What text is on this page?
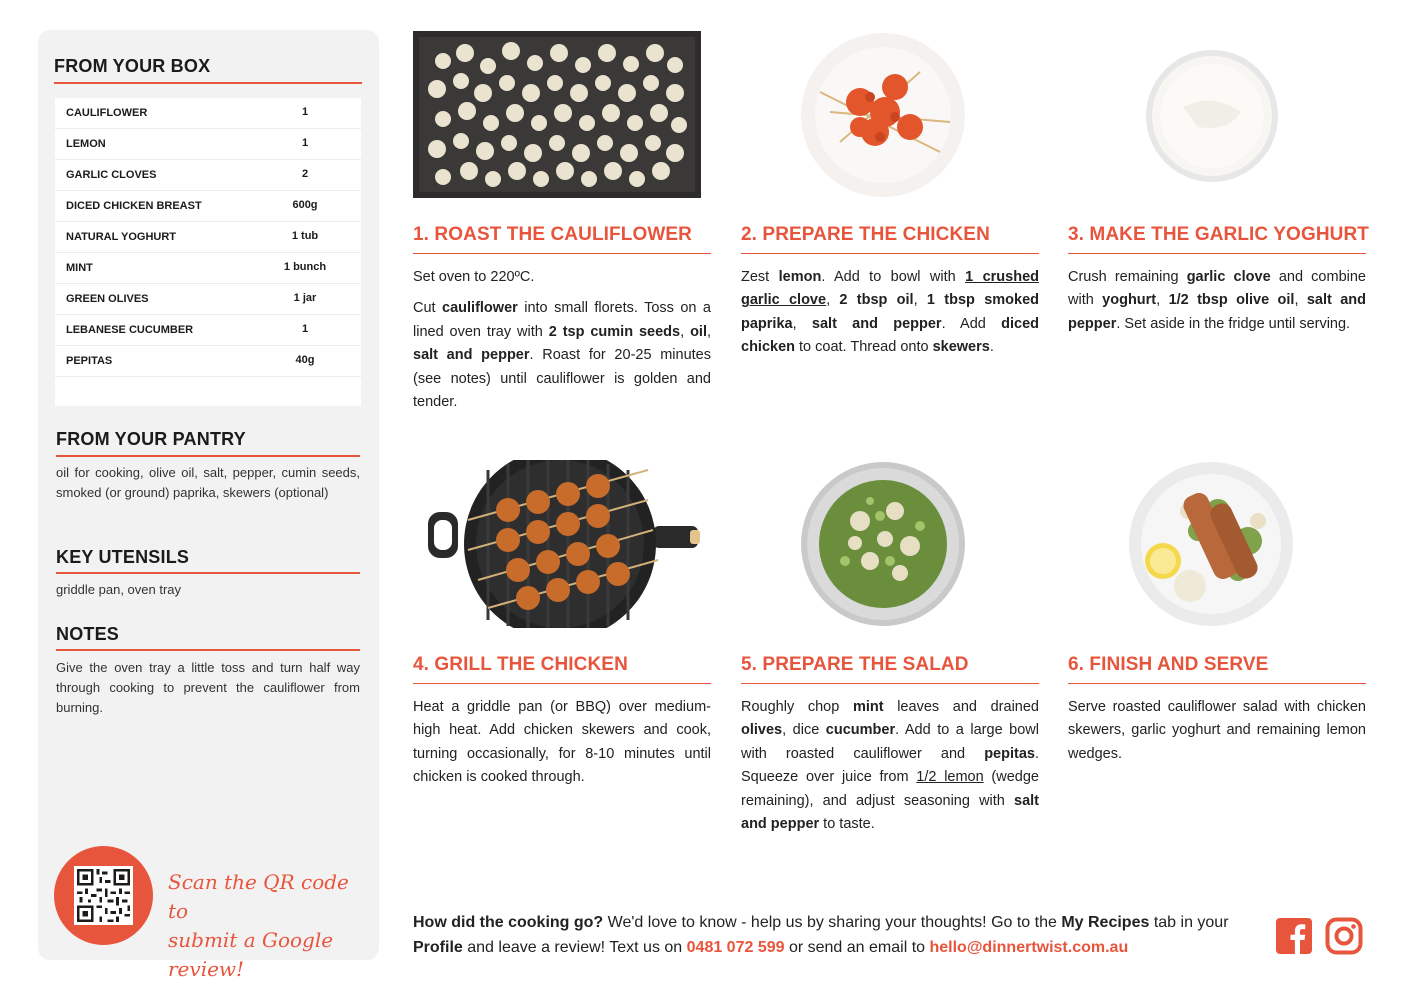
FROM YOUR BOX
CAULIFLOWER	1
LEMON	1
GARLIC CLOVES	2
DICED CHICKEN BREAST	600g
NATURAL YOGHURT	1 tub
MINT	1 bunch
GREEN OLIVES	1 jar
LEBANESE CUCUMBER	1
PEPITAS	40g
FROM YOUR PANTRY
oil for cooking, olive oil, salt, pepper, cumin seeds, smoked (or ground) paprika, skewers (optional)
KEY UTENSILS
griddle pan, oven tray
NOTES
Give the oven tray a little toss and turn half way through cooking to prevent the cauliflower from burning.
Scan the QR code to
submit a Google review!
1. ROAST THE CAULIFLOWER

Set oven to 220ºC.

Cut cauliflower into small florets. Toss on a lined oven tray with 2 tsp cumin seeds, oil, salt and pepper. Roast for 20-25 minutes (see notes) until cauliflower is golden and tender.

2. PREPARE THE CHICKEN

Zest lemon. Add to bowl with 1 crushed garlic clove, 2 tbsp oil, 1 tbsp smoked paprika, salt and pepper. Add diced chicken to coat. Thread onto skewers.

3. MAKE THE GARLIC YOGHURT

Crush remaining garlic clove and combine with yoghurt, 1/2 tbsp olive oil, salt and pepper. Set aside in the fridge until serving.

4. GRILL THE CHICKEN

Heat a griddle pan (or BBQ) over medium-high heat. Add chicken skewers and cook, turning occasionally, for 8-10 minutes until chicken is cooked through.

5. PREPARE THE SALAD

Roughly chop mint leaves and drained olives, dice cucumber. Add to a large bowl with roasted cauliflower and pepitas. Squeeze over juice from 1/2 lemon (wedge remaining), and adjust seasoning with salt and pepper to taste.

6. FINISH AND SERVE

Serve roasted cauliflower salad with chicken skewers, garlic yoghurt and remaining lemon wedges.

How did the cooking go? We'd love to know - help us by sharing your thoughts! Go to the My Recipes tab in your Profile and leave a review! Text us on 0481 072 599 or send an email to hello@dinnertwist.com.au
